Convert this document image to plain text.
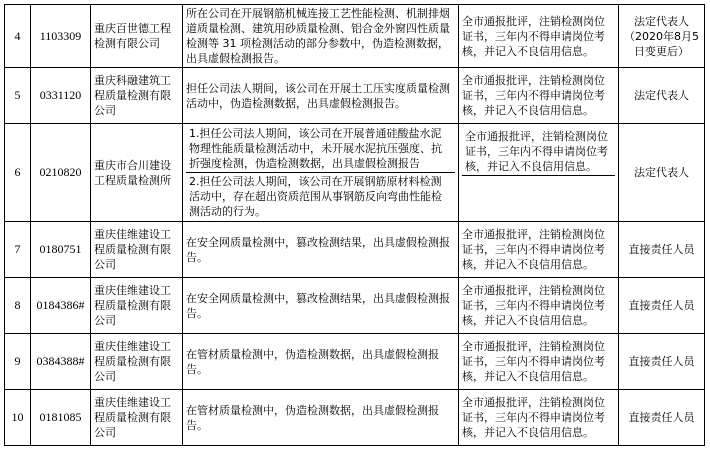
4	1103309	重庆百世德工程检测有限公司	所在公司在开展钢筋机械连接工艺性能检测、机制排烟道质量检测、建筑用砂质量检测、铝合金外窗四性质量检测等 31 项检测活动的部分参数中，伪造检测数据，出具虚假检测报告。	全市通报批评，注销检测岗位证书，三年内不得申请岗位考核，并记入不良信用信息。	法定代表人（2020年8月5日变更后）
5	0331120	重庆科融建筑工程质量检测有限公司	担任公司法人期间，该公司在开展土工压实度质量检测活动中，伪造检测数据，出具虚假检测报告。	全市通报批评，注销检测岗位证书，三年内不得申请岗位考核，并记入不良信用信息。	法定代表人
6	0210820	重庆市合川建设工程质量检测所	1.担任公司法人期间，该公司在开展普通硅酸盐水泥物理性能质量检测活动中，未开展水泥抗压强度、抗折强度检测，伪造检测数据，出具虚假检测报告
2.担任公司法人期间，该公司在开展钢筋原材料检测活动中，存在超出资质范围从事钢筋反向弯曲性能检测活动的行为。	全市通报批评，注销检测岗位证书，三年内不得申请岗位考核，并记入不良信用信息。	法定代表人
7	0180751	重庆佳维建设工程质量检测有限公司	在安全网质量检测中，篡改检测结果，出具虚假检测报告。	全市通报批评，注销检测岗位证书，三年内不得申请岗位考核，并记入不良信用信息。	直接责任人员
8	0184386#	重庆佳维建设工程质量检测有限公司	在安全网质量检测中，篡改检测结果，出具虚假检测报告。	全市通报批评，注销检测岗位证书，三年内不得申请岗位考核，并记入不良信用信息。	直接责任人员
9	0384388#	重庆佳维建设工程质量检测有限公司	在管材质量检测中，伪造检测数据，出具虚假检测报告。	全市通报批评，注销检测岗位证书，三年内不得申请岗位考核，并记入不良信用信息。	直接责任人员
10	0181085	重庆佳维建设工程质量检测有限公司	在管材质量检测中，伪造检测数据，出具虚假检测报告。	全市通报批评，注销检测岗位证书，三年内不得申请岗位考核，并记入不良信用信息。	直接责任人员
